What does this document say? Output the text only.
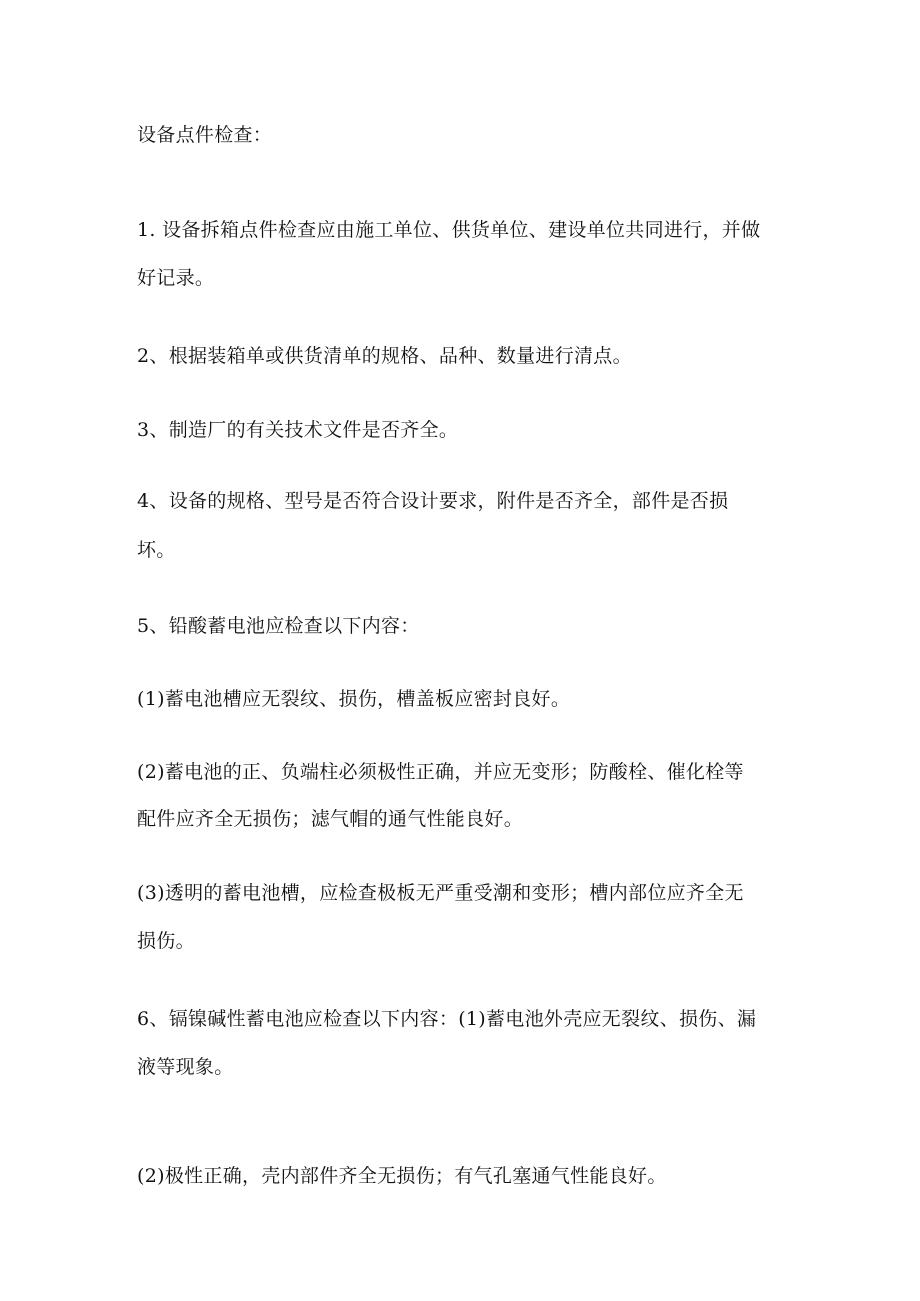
设备点件检查：
1. 设备拆箱点件检查应由施工单位、供货单位、建设单位共同进行，并做
好记录。
2、根据装箱单或供货清单的规格、品种、数量进行清点。
3、制造厂的有关技术文件是否齐全。
4、设备的规格、型号是否符合设计要求，附件是否齐全，部件是否损
坏。
5、铅酸蓄电池应检查以下内容：
(1)蓄电池槽应无裂纹、损伤，槽盖板应密封良好。
(2)蓄电池的正、负端柱必须极性正确，并应无变形；防酸栓、催化栓等
配件应齐全无损伤；滤气帽的通气性能良好。
(3)透明的蓄电池槽，应检查极板无严重受潮和变形；槽内部位应齐全无
损伤。
6、镉镍碱性蓄电池应检查以下内容：(1)蓄电池外壳应无裂纹、损伤、漏
液等现象。
(2)极性正确，壳内部件齐全无损伤；有气孔塞通气性能良好。
